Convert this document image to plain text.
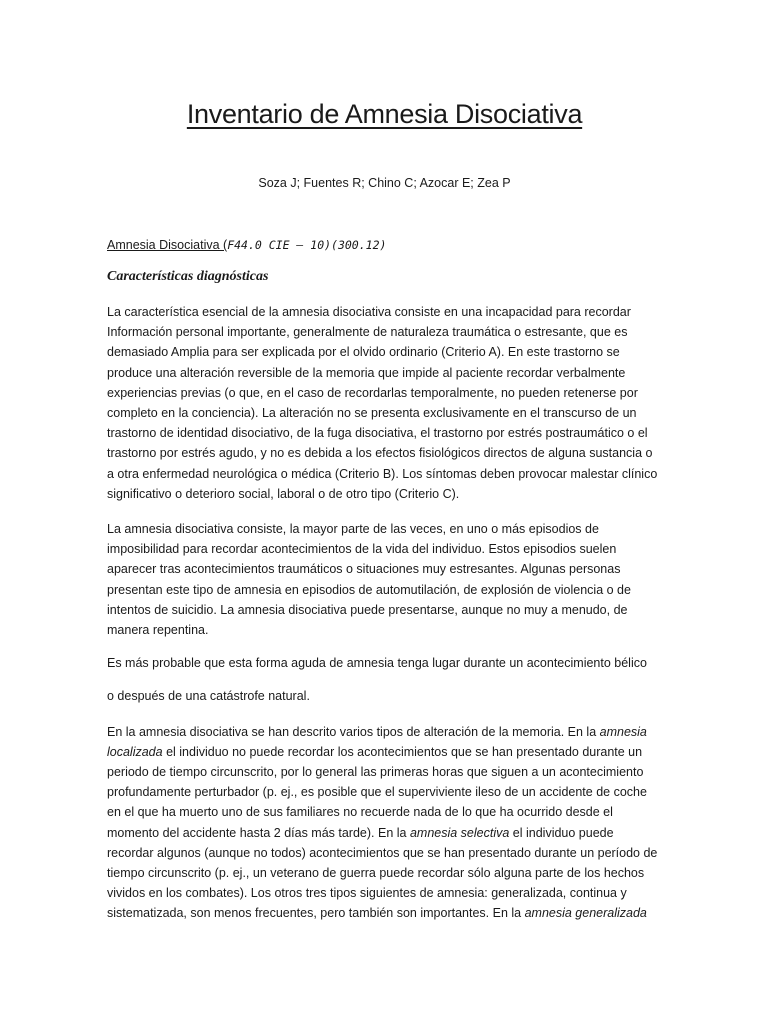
Inventario de Amnesia Disociativa

Soza J; Fuentes R; Chino C; Azocar E; Zea P

Amnesia Disociativa (F44.0 CIE – 10)(300.12)

Características diagnósticas

La característica esencial de la amnesia disociativa consiste en una incapacidad para recordar Información personal importante, generalmente de naturaleza traumática o estresante, que es demasiado Amplia para ser explicada por el olvido ordinario (Criterio A). En este trastorno se produce una alteración reversible de la memoria que impide al paciente recordar verbalmente experiencias previas (o que, en el caso de recordarlas temporalmente, no pueden retenerse por completo en la conciencia). La alteración no se presenta exclusivamente en el transcurso de un trastorno de identidad disociativo, de la fuga disociativa, el trastorno por estrés postraumático o el trastorno por estrés agudo, y no es debida a los efectos fisiológicos directos de alguna sustancia o a otra enfermedad neurológica o médica (Criterio B). Los síntomas deben provocar malestar clínico significativo o deterioro social, laboral o de otro tipo (Criterio C).

La amnesia disociativa consiste, la mayor parte de las veces, en uno o más episodios de imposibilidad para recordar acontecimientos de la vida del individuo. Estos episodios suelen aparecer tras acontecimientos traumáticos o situaciones muy estresantes. Algunas personas presentan este tipo de amnesia en episodios de automutilación, de explosión de violencia o de intentos de suicidio. La amnesia disociativa puede presentarse, aunque no muy a menudo, de manera repentina.

Es más probable que esta forma aguda de amnesia tenga lugar durante un acontecimiento bélico

o después de una catástrofe natural.

En la amnesia disociativa se han descrito varios tipos de alteración de la memoria. En la amnesia localizada el individuo no puede recordar los acontecimientos que se han presentado durante un periodo de tiempo circunscrito, por lo general las primeras horas que siguen a un acontecimiento profundamente perturbador (p. ej., es posible que el superviviente ileso de un accidente de coche en el que ha muerto uno de sus familiares no recuerde nada de lo que ha ocurrido desde el momento del accidente hasta 2 días más tarde). En la amnesia selectiva el individuo puede recordar algunos (aunque no todos) acontecimientos que se han presentado durante un período de tiempo circunscrito (p. ej., un veterano de guerra puede recordar sólo alguna parte de los hechos vividos en los combates). Los otros tres tipos siguientes de amnesia: generalizada, continua y sistematizada, son menos frecuentes, pero también son importantes. En la amnesia generalizada
